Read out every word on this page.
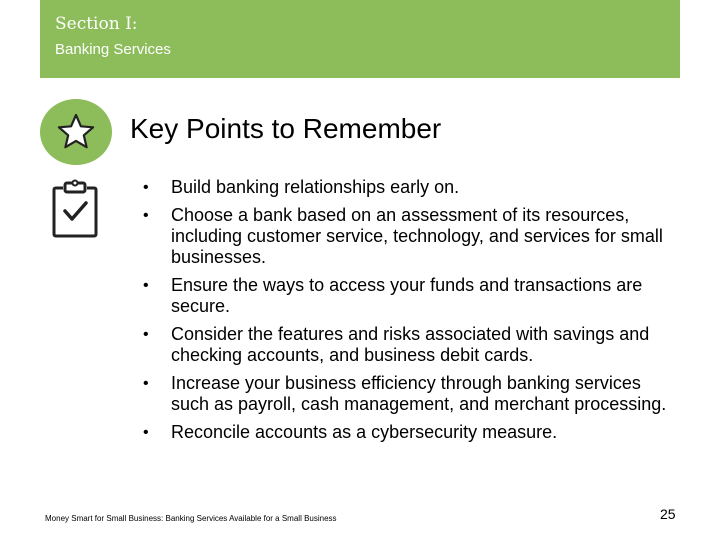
Section I:
Banking Services
Key Points to Remember
• Build banking relationships early on.
• Choose a bank based on an assessment of its resources, including customer service, technology, and services for small businesses.
• Ensure the ways to access your funds and transactions are secure.
• Consider the features and risks associated with savings and checking accounts, and business debit cards.
• Increase your business efficiency through banking services such as payroll, cash management, and merchant processing.
• Reconcile accounts as a cybersecurity measure.
Money Smart for Small Business: Banking Services Available for a Small Business	25
